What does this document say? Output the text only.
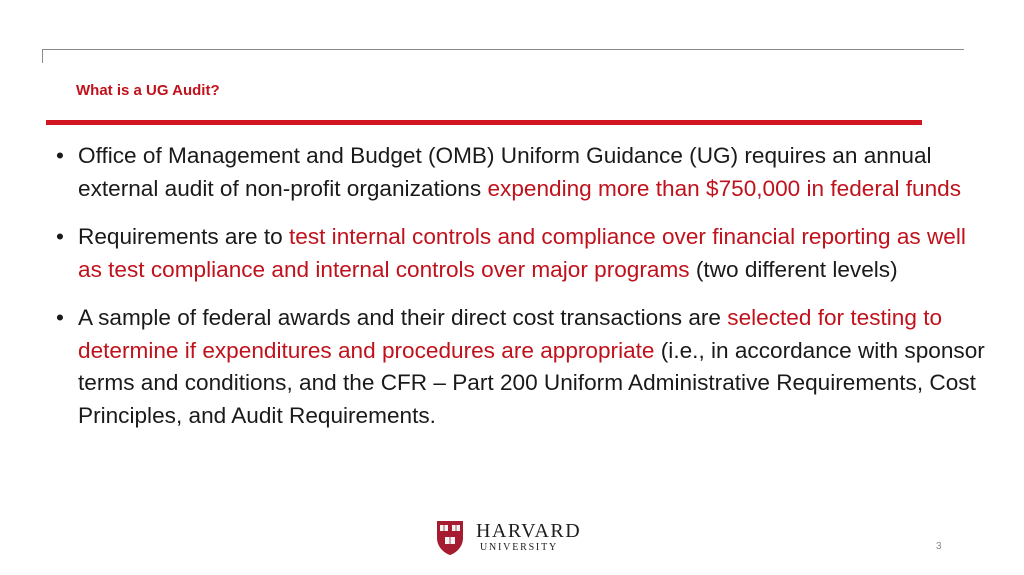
What is a UG Audit?
• Office of Management and Budget (OMB) Uniform Guidance (UG) requires an annual external audit of non-profit organizations expending more than $750,000 in federal funds
• Requirements are to test internal controls and compliance over financial reporting as well as test compliance and internal controls over major programs (two different levels)
• A sample of federal awards and their direct cost transactions are selected for testing to determine if expenditures and procedures are appropriate (i.e., in accordance with sponsor terms and conditions, and the CFR – Part 200 Uniform Administrative Requirements, Cost Principles, and Audit Requirements.
HARVARD
UNIVERSITY	3
